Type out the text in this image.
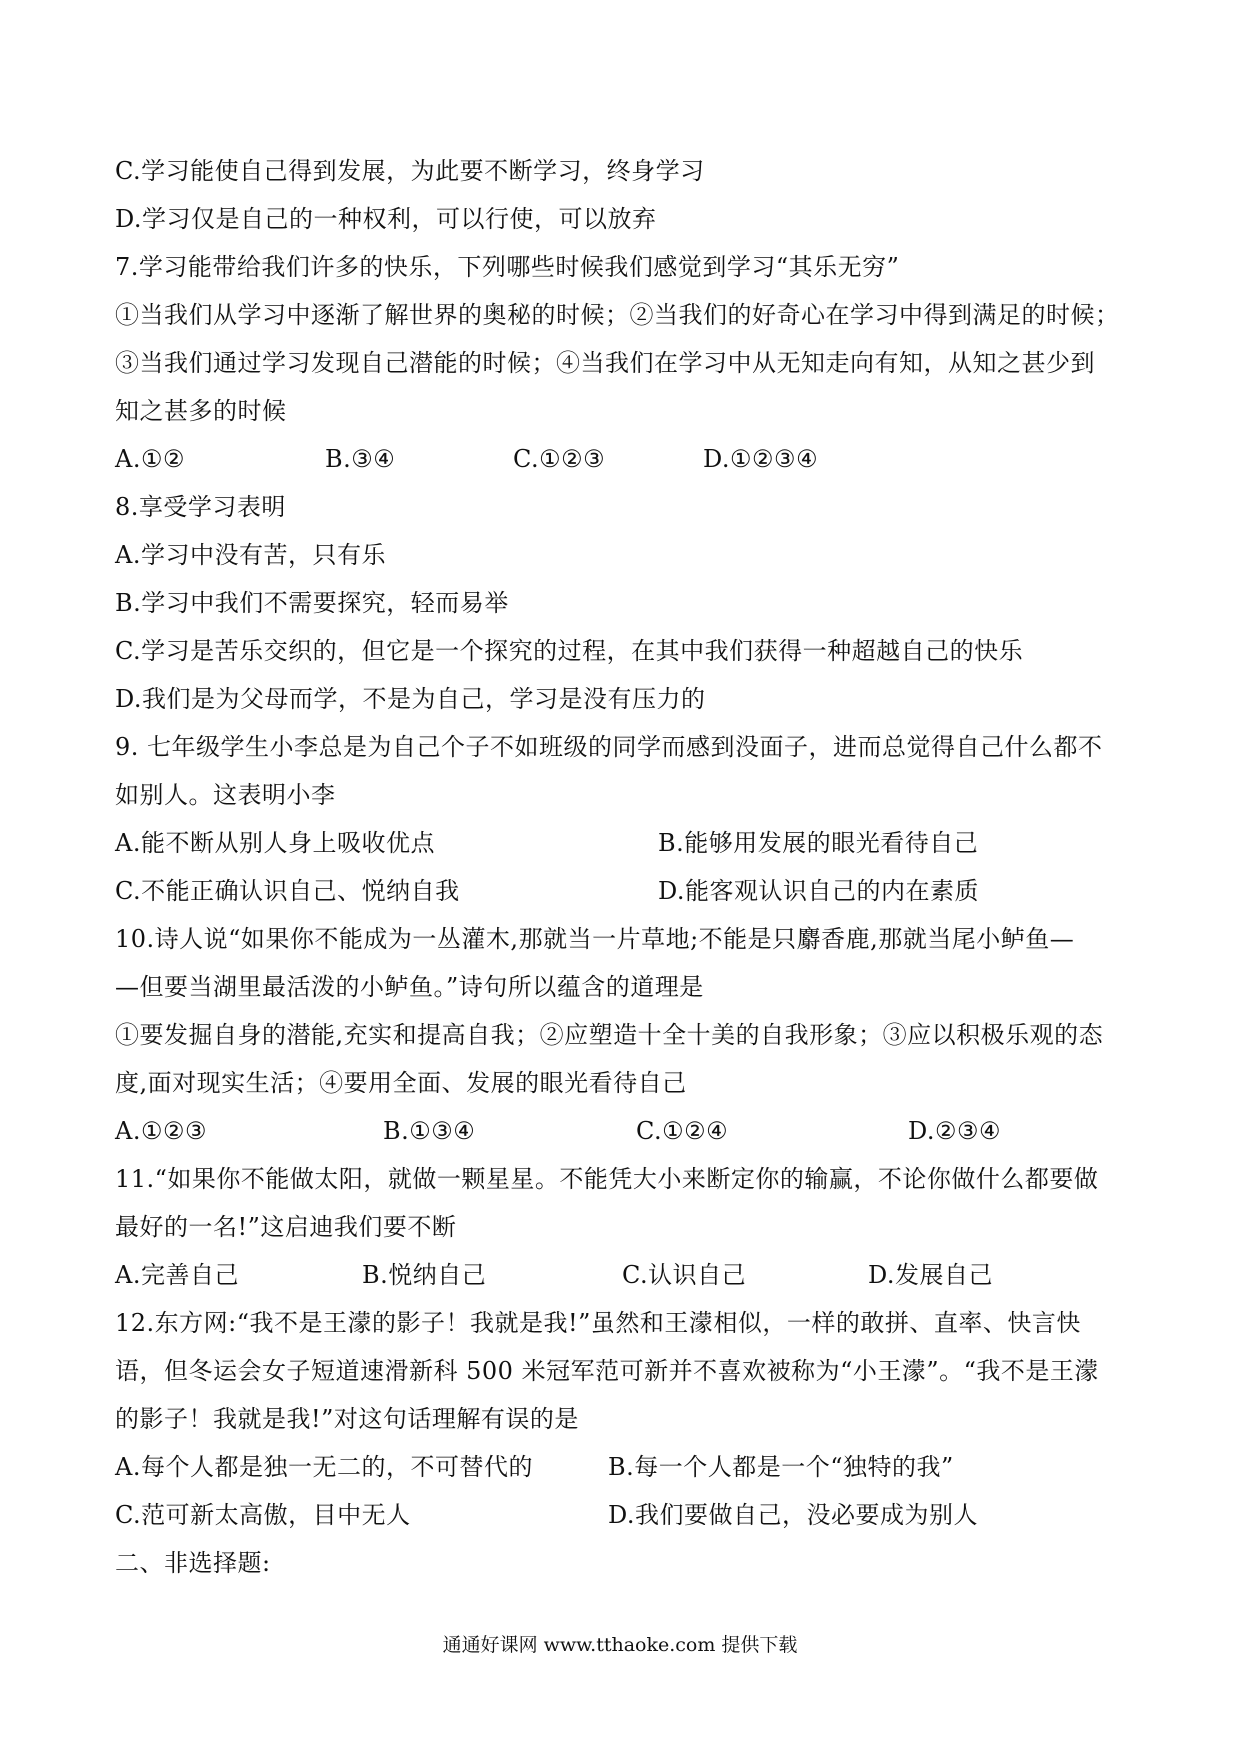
C.学习能使自己得到发展，为此要不断学习，终身学习
D.学习仅是自己的一种权利，可以行使，可以放弃
7.学习能带给我们许多的快乐，下列哪些时候我们感觉到学习“其乐无穷”
①当我们从学习中逐渐了解世界的奥秘的时候；②当我们的好奇心在学习中得到满足的时候；
③当我们通过学习发现自己潜能的时候；④当我们在学习中从无知走向有知，从知之甚少到
知之甚多的时候
A.①②	B.③④	C.①②③	D.①②③④
8.享受学习表明
A.学习中没有苦，只有乐
B.学习中我们不需要探究，轻而易举
C.学习是苦乐交织的，但它是一个探究的过程，在其中我们获得一种超越自己的快乐
D.我们是为父母而学，不是为自己，学习是没有压力的
9. 七年级学生小李总是为自己个子不如班级的同学而感到没面子，进而总觉得自己什么都不
如别人。这表明小李
A.能不断从别人身上吸收优点	B.能够用发展的眼光看待自己
C.不能正确认识自己、悦纳自我	D.能客观认识自己的内在素质
10.诗人说“如果你不能成为一丛灌木,那就当一片草地;不能是只麝香鹿,那就当尾小鲈鱼—
—但要当湖里最活泼的小鲈鱼。”诗句所以蕴含的道理是
①要发掘自身的潜能,充实和提高自我；②应塑造十全十美的自我形象；③应以积极乐观的态
度,面对现实生活；④要用全面、发展的眼光看待自己
A.①②③	B.①③④	C.①②④	D.②③④
11.“如果你不能做太阳，就做一颗星星。不能凭大小来断定你的输赢，不论你做什么都要做
最好的一名!”这启迪我们要不断
A.完善自己	B.悦纳自己	C.认识自己	D.发展自己
12.东方网:“我不是王濛的影子！我就是我!”虽然和王濛相似，一样的敢拼、直率、快言快
语，但冬运会女子短道速滑新科 500 米冠军范可新并不喜欢被称为“小王濛”。“我不是王濛
的影子！我就是我!”对这句话理解有误的是
A.每个人都是独一无二的，不可替代的	B.每一个人都是一个“独特的我”
C.范可新太高傲，目中无人	D.我们要做自己，没必要成为别人
二、非选择题:
通通好课网 www.tthaoke.com 提供下载
